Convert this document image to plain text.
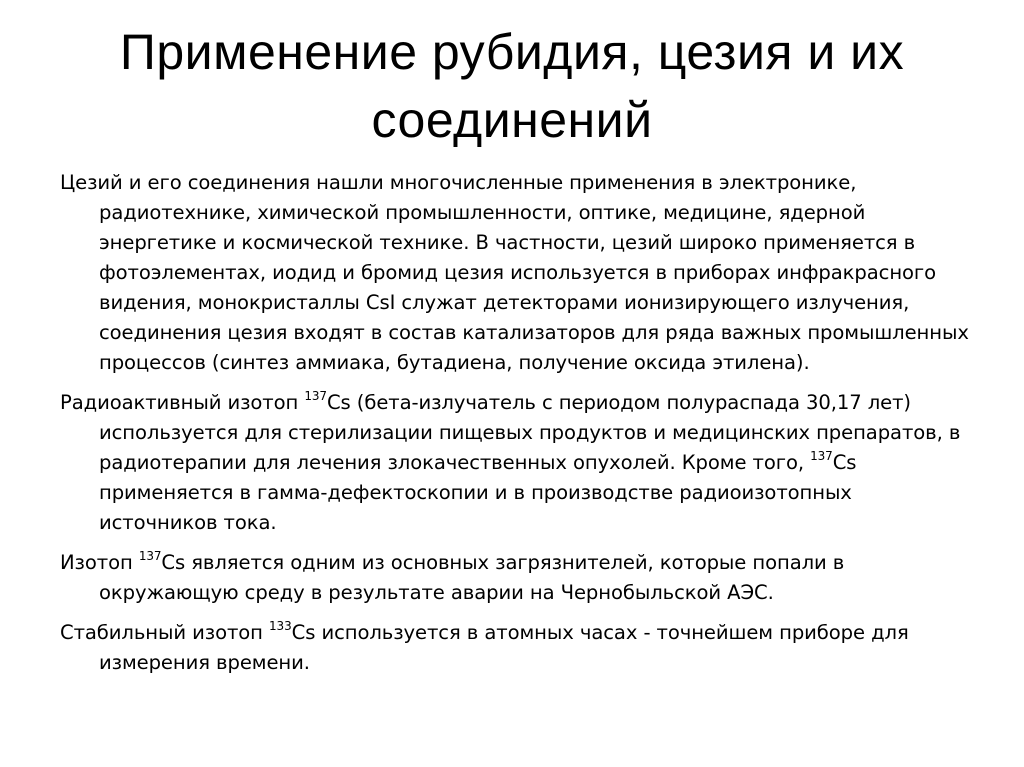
Применение рубидия, цезия и их соединений

Цезий и его соединения нашли многочисленные применения в электронике, радиотехнике, химической промышленности, оптике, медицине, ядерной энергетике и космической технике. В частности, цезий широко применяется в фотоэлементах, иодид и бромид цезия используется в приборах инфракрасного видения, монокристаллы CsI служат детекторами ионизирующего излучения, соединения цезия входят в состав катализаторов для ряда важных промышленных процессов (синтез аммиака, бутадиена, получение оксида этилена).

Радиоактивный изотоп $^{137}$Cs (бета-излучатель с периодом полураспада 30,17 лет) используется для стерилизации пищевых продуктов и медицинских препаратов, в радиотерапии для лечения злокачественных опухолей. Кроме того, $^{137}$Cs применяется в гамма-дефектоскопии и в производстве радиоизотопных источников тока.

Изотоп $^{137}$Cs является одним из основных загрязнителей, которые попали в окружающую среду в результате аварии на Чернобыльской АЭС.

Стабильный изотоп $^{133}$Cs используется в атомных часах - точнейшем приборе для измерения времени.
